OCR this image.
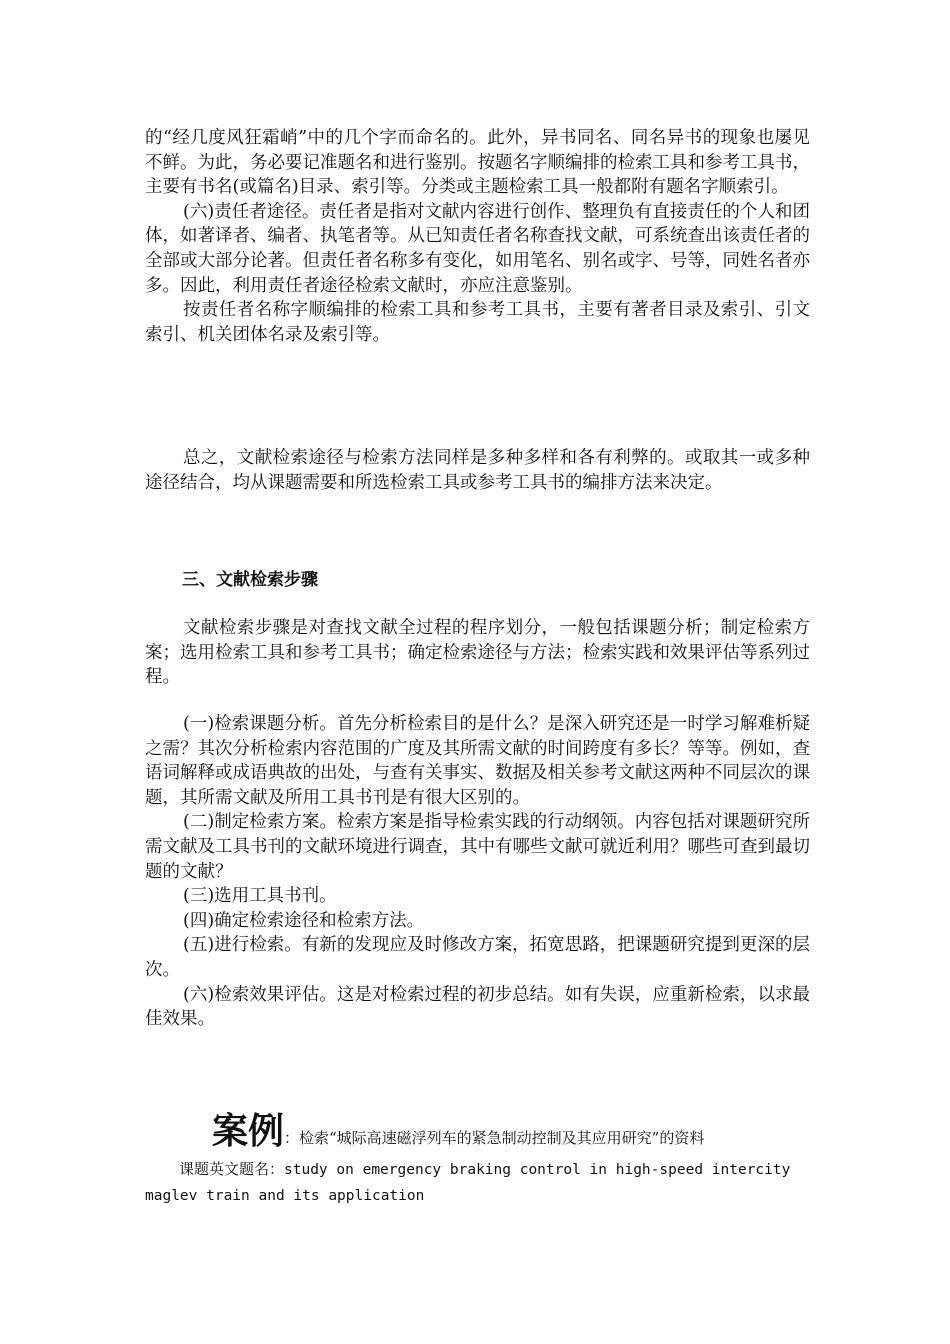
的“经几度风狂霜峭”中的几个字而命名的。此外，异书同名、同名异书的现象也屡见不鲜。为此，务必要记准题名和进行鉴别。按题名字顺编排的检索工具和参考工具书，主要有书名(或篇名)目录、索引等。分类或主题检索工具一般都附有题名字顺索引。

(六)责任者途径。责任者是指对文献内容进行创作、整理负有直接责任的个人和团体，如著译者、编者、执笔者等。从已知责任者名称查找文献，可系统查出该责任者的全部或大部分论著。但责任者名称多有变化，如用笔名、别名或字、号等，同姓名者亦多。因此，利用责任者途径检索文献时，亦应注意鉴别。

按责任者名称字顺编排的检索工具和参考工具书，主要有著者目录及索引、引文索引、机关团体名录及索引等。

总之，文献检索途径与检索方法同样是多种多样和各有利弊的。或取其一或多种途径结合，均从课题需要和所选检索工具或参考工具书的编排方法来决定。

三、文献检索步骤

文献检索步骤是对查找文献全过程的程序划分，一般包括课题分析；制定检索方案；选用检索工具和参考工具书；确定检索途径与方法；检索实践和效果评估等系列过程。

(一)检索课题分析。首先分析检索目的是什么？是深入研究还是一时学习解难析疑之需？其次分析检索内容范围的广度及其所需文献的时间跨度有多长？等等。例如，查语词解释或成语典故的出处，与查有关事实、数据及相关参考文献这两种不同层次的课题，其所需文献及所用工具书刊是有很大区别的。

(二)制定检索方案。检索方案是指导检索实践的行动纲领。内容包括对课题研究所需文献及工具书刊的文献环境进行调查，其中有哪些文献可就近利用？哪些可查到最切题的文献？

(三)选用工具书刊。

(四)确定检索途径和检索方法。

(五)进行检索。有新的发现应及时修改方案，拓宽思路，把课题研究提到更深的层次。

(六)检索效果评估。这是对检索过程的初步总结。如有失误，应重新检索，以求最佳效果。

案例：检索“城际高速磁浮列车的紧急制动控制及其应用研究”的资料

课题英文题名：study on emergency braking control in high-speed intercity
maglev train and its application
